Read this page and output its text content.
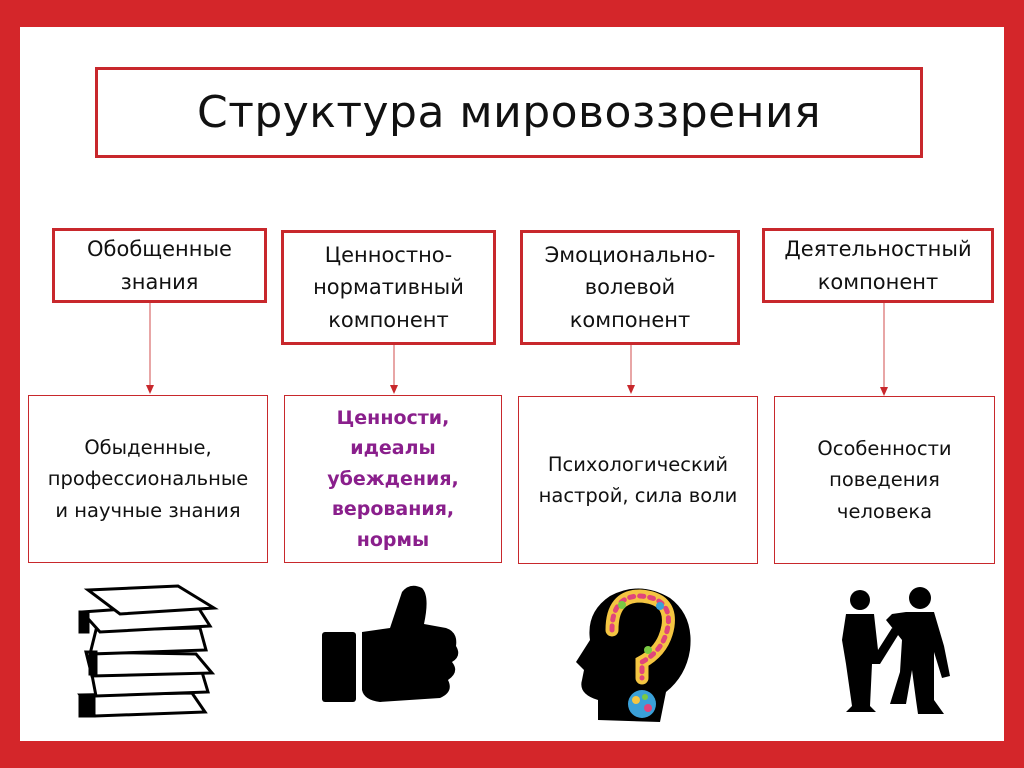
Структура мировоззрения
Обобщенные
знания
Ценностно-
нормативный
компонент
Эмоционально-
волевой
компонент
Деятельностный
компонент
Обыденные,
профессиональные
и научные знания
Ценности,
идеалы
убеждения,
верования,
нормы
Психологический
настрой, сила воли
Особенности
поведения
человека
